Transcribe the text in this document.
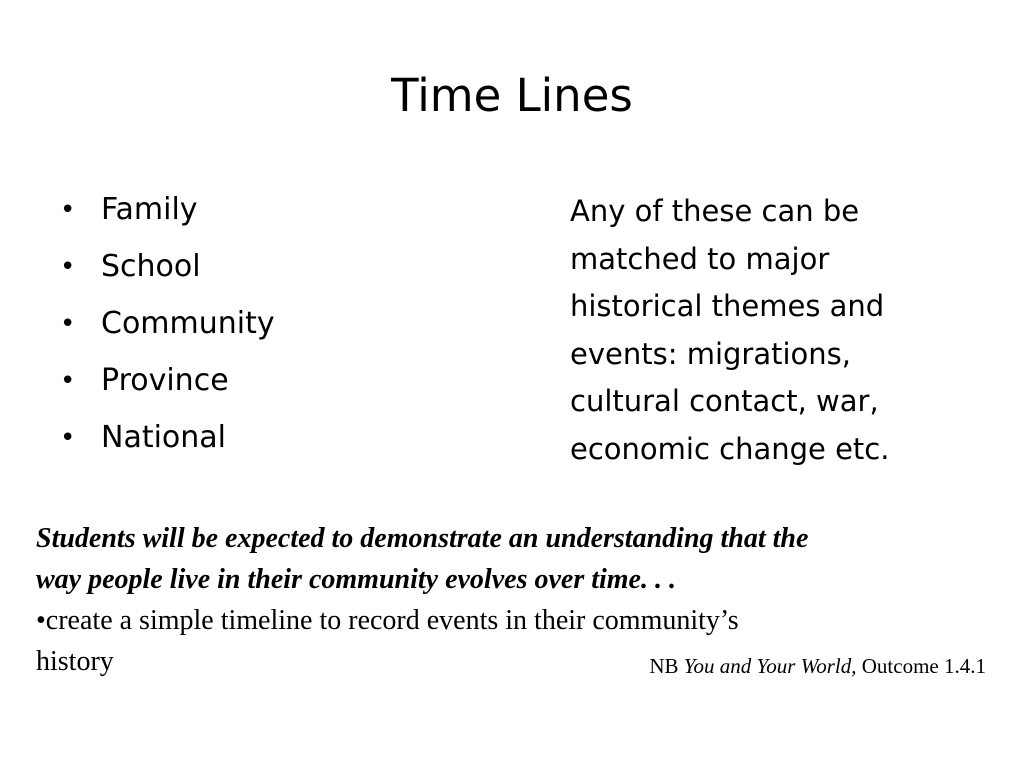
Time Lines
• Family
• School
• Community
• Province
• National

Any of these can be
matched to major
historical themes and
events: migrations,
cultural contact, war,
economic change etc.

Students will be expected to demonstrate an understanding that the
way people live in their community evolves over time. . .
•create a simple timeline to record events in their community’s
history	NB You and Your World, Outcome 1.4.1
